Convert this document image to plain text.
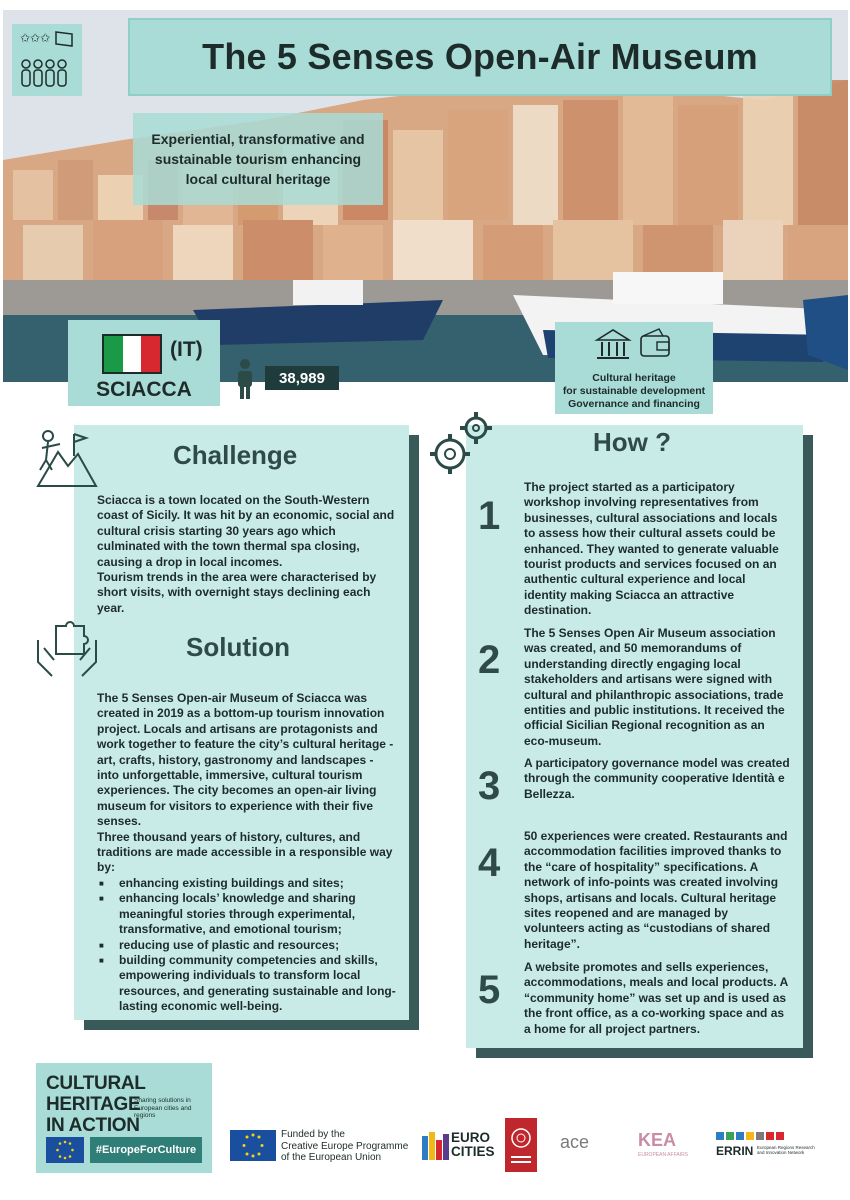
✩✩✩	The 5 Senses Open-Air Museum

Experiential, transformative and sustainable tourism enhancing local cultural heritage

(IT)
SCIACCA	38,989	Cultural heritage
for sustainable development
Governance and financing
Challenge
Sciacca is a town located on the South-Western coast of Sicily. It was hit by an economic, social and cultural crisis starting 30 years ago which culminated with the town thermal spa closing, causing a drop in local incomes.
Tourism trends in the area were characterised by short visits, with overnight stays declining each year.
Solution
The 5 Senses Open-air Museum of Sciacca was created in 2019 as a bottom-up tourism innovation project. Locals and artisans are protagonists and work together to feature the city’s cultural heritage - art, crafts, history, gastronomy and landscapes - into unforgettable, immersive, cultural tourism experiences. The city becomes an open-air living museum for visitors to experience with their five senses.
Three thousand years of history, cultures, and traditions are made accessible in a responsible way by:
■ enhancing existing buildings and sites;
■ enhancing locals’ knowledge and sharing meaningful stories through experimental, transformative, and emotional tourism;
■ reducing use of plastic and resources;
■ building community competencies and skills, empowering individuals to transform local resources, and generating sustainable and long-lasting economic well-being.
How ?
1
The project started as a participatory workshop involving representatives from businesses, cultural associations and locals to assess how their cultural assets could be enhanced. They wanted to generate valuable tourist products and services focused on an authentic cultural experience and local identity making Sciacca an attractive destination.
2
The 5 Senses Open Air Museum association was created, and 50 memorandums of understanding directly engaging local stakeholders and artisans were signed with cultural and philanthropic associations, trade entities and public institutions. It received the official Sicilian Regional recognition as an eco-museum.
3
A participatory governance model was created through the community cooperative Identità e Bellezza.
4
50 experiences were created. Restaurants and accommodation facilities improved thanks to the “care of hospitality” specifications. A network of info-points was created involving shops, artisans and locals. Cultural heritage sites reopened and are managed by volunteers acting as “custodians of shared heritage”.
5
A website promotes and sells experiences, accommodations, meals and local products. A “community home” was set up and is used as the front office, as a co-working space and as a home for all project partners.
CULTURAL HERITAGE
IN ACTION
Sharing solutions in European cities and regions
#EuropeForCulture
Funded by the
Creative Europe Programme
of the European Union
EURO
CITIES	ace	KEA
EUROPEAN AFFAIRS ERRIN European Regions Research and Innovation Network
